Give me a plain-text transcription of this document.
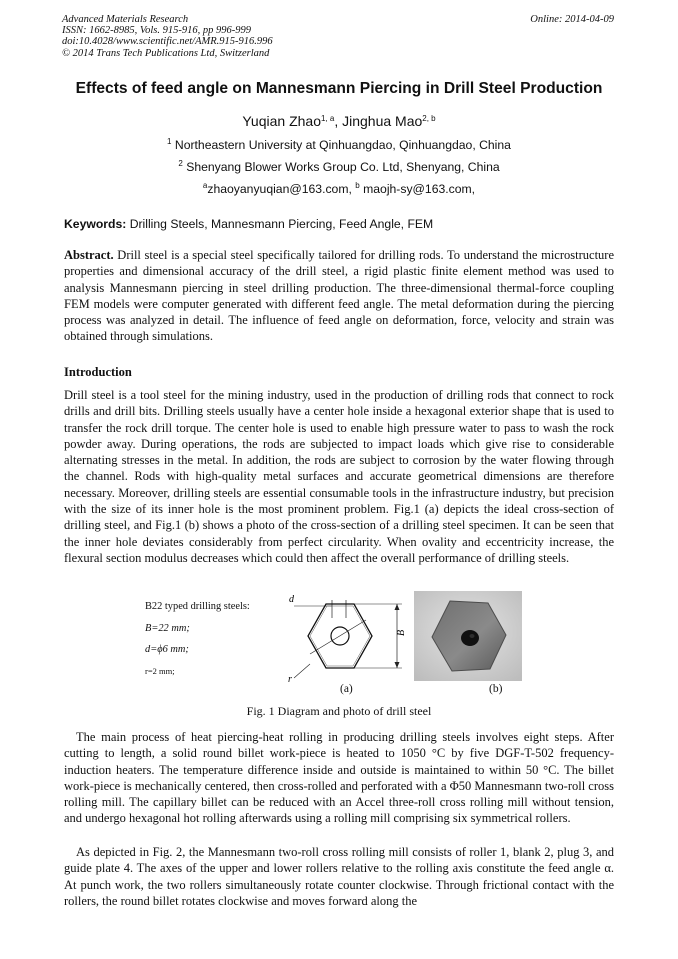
Advanced Materials Research
ISSN: 1662-8985, Vols. 915-916, pp 996-999
doi:10.4028/www.scientific.net/AMR.915-916.996
© 2014 Trans Tech Publications Ltd, Switzerland
Online: 2014-04-09
Effects of feed angle on Mannesmann Piercing in Drill Steel Production
Yuqian Zhao$^{1, a}$, Jinghua Mao$^{2, b}$
$^1$ Northeastern University at Qinhuangdao, Qinhuangdao, China
$^2$ Shenyang Blower Works Group Co. Ltd, Shenyang, China
$^a$zhaoyanyuqian@163.com, $^b$ maojh-sy@163.com,
Keywords: Drilling Steels, Mannesmann Piercing, Feed Angle, FEM
Abstract. Drill steel is a special steel specifically tailored for drilling rods. To understand the microstructure properties and dimensional accuracy of the drill steel, a rigid plastic finite element method was used to analysis Mannesmann piercing in steel drilling production. The three-dimensional thermal-force coupling FEM models were computer generated with different feed angle. The metal deformation during the piercing process was analyzed in detail. The influence of feed angle on deformation, force, velocity and strain was obtained through simulations.
Introduction
Drill steel is a tool steel for the mining industry, used in the production of drilling rods that connect to rock drills and drill bits. Drilling steels usually have a center hole inside a hexagonal exterior shape that is used to transfer the rock drill torque. The center hole is used to enable high pressure water to pass to wash the rock powder away. During operations, the rods are subjected to impact loads which give rise to considerable alternating stresses in the metal. In addition, the rods are subject to corrosion by the water flowing through the channel. Rods with high-quality metal surfaces and accurate geometrical dimensions are therefore necessary. Moreover, drilling steels are essential consumable tools in the infrastructure industry, but precision with the size of its inner hole is the most prominent problem. Fig.1 (a) depicts the ideal cross-section of drilling steel, and Fig.1 (b) shows a photo of the cross-section of a drilling steel specimen. It can be seen that the inner hole deviates considerably from perfect circularity. When ovality and eccentricity increase, the flexural section modulus decreases which could then affect the overall performance of drilling steels.
B22 typed drilling steels:
B=22 mm;
d=ϕ6 mm;
r=2 mm;
d
B
r
(a)	(b)
Fig. 1 Diagram and photo of drill steel
The main process of heat piercing-heat rolling in producing drilling steels involves eight steps. After cutting to length, a solid round billet work-piece is heated to 1050 °C by five DGF-T-502 frequency-induction heaters. The temperature difference inside and outside is maintained to within 50 °C. The billet work-piece is mechanically centered, then cross-rolled and perforated with a Φ50 Mannesmann two-roll cross rolling mill. The capillary billet can be reduced with an Accel three-roll cross rolling mill without tension, and undergo hexagonal hot rolling afterwards using a rolling mill comprising six symmetrical rollers.
As depicted in Fig. 2, the Mannesmann two-roll cross rolling mill consists of roller 1, blank 2, plug 3, and guide plate 4. The axes of the upper and lower rollers relative to the rolling axis constitute the feed angle α. At punch work, the two rollers simultaneously rotate counter clockwise. Through frictional contact with the rollers, the round billet rotates clockwise and moves forward along the
